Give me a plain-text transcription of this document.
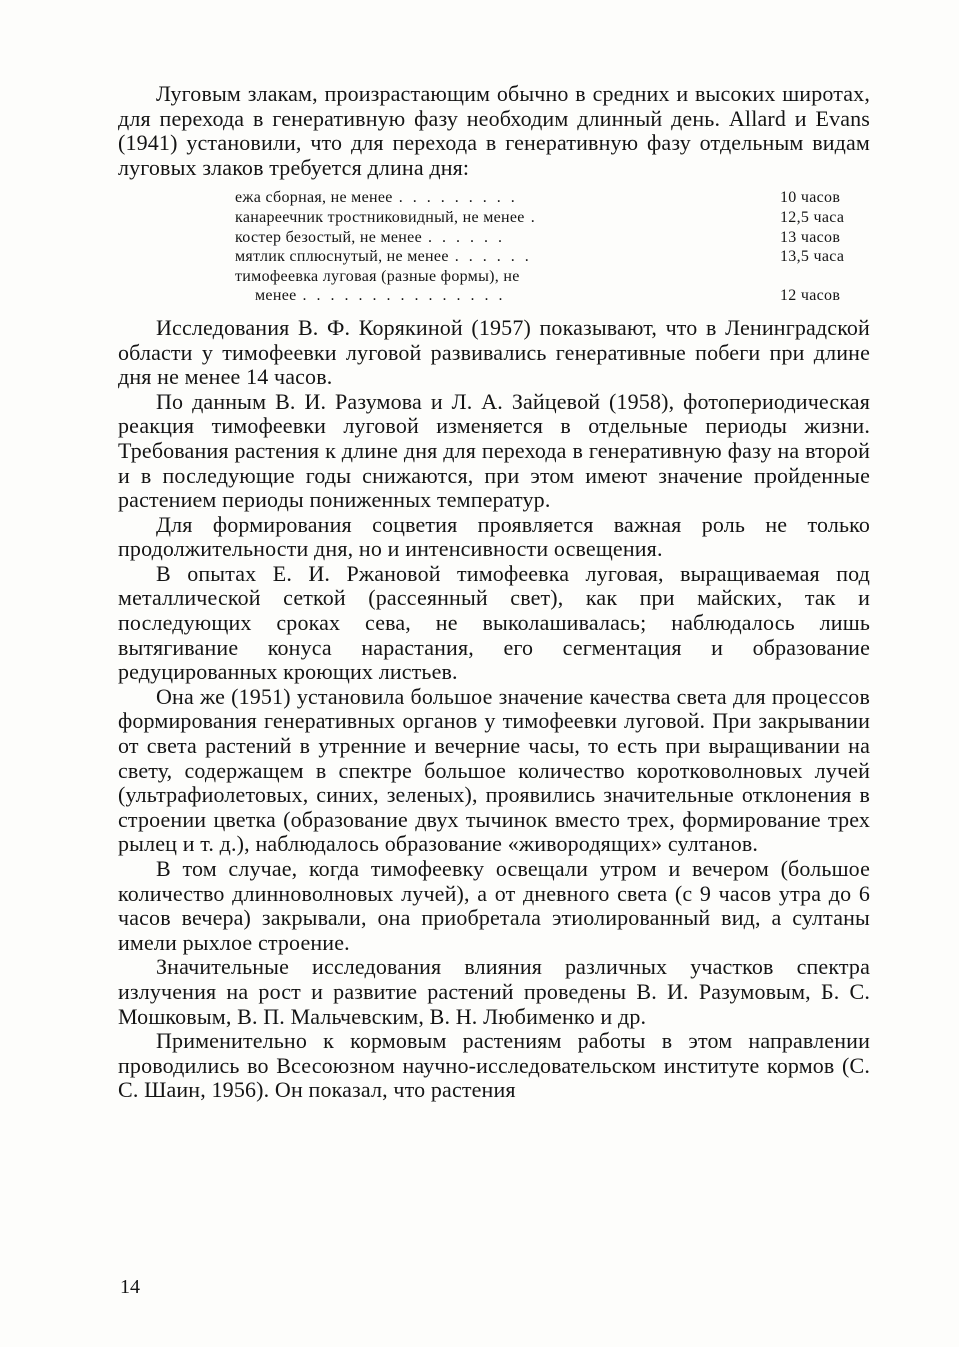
Луговым злакам, произрастающим обычно в средних и высоких широтах, для перехода в генеративную фазу необходим длинный день. Allard и Evans (1941) установили, что для перехода в генеративную фазу отдельным видам луговых злаков требуется длина дня:

ежа сборная, не менее . . . . . . . . .	10 часов
канареечник тростниковидный, не менее .	12,5 часа
костер безостый, не менее . . . . . .	13 часов
мятлик сплюснутый, не менее . . . . . .	13,5 часа
тимофеевка луговая (разные формы), не
менее . . . . . . . . . . . . . . .	12 часов

Исследования В. Ф. Корякиной (1957) показывают, что в Ленинградской области у тимофеевки луговой развивались генеративные побеги при длине дня не менее 14 часов.

По данным В. И. Разумова и Л. А. Зайцевой (1958), фотопериодическая реакция тимофеевки луговой изменяется в отдельные периоды жизни. Требования растения к длине дня для перехода в генеративную фазу на второй и в последующие годы снижаются, при этом имеют значение пройденные растением периоды пониженных температур.

Для формирования соцветия проявляется важная роль не только продолжительности дня, но и интенсивности освещения.

В опытах Е. И. Ржановой тимофеевка луговая, выращиваемая под металлической сеткой (рассеянный свет), как при майских, так и последующих сроках сева, не выколашивалась; наблюдалось лишь вытягивание конуса нарастания, его сегментация и образование редуцированных кроющих листьев.

Она же (1951) установила большое значение качества света для процессов формирования генеративных органов у тимофеевки луговой. При закрывании от света растений в утренние и вечерние часы, то есть при выращивании на свету, содержащем в спектре большое количество коротковолновых лучей (ультрафиолетовых, синих, зеленых), проявились значительные отклонения в строении цветка (образование двух тычинок вместо трех, формирование трех рылец и т. д.), наблюдалось образование «живородящих» султанов.

В том случае, когда тимофеевку освещали утром и вечером (большое количество длинноволновых лучей), а от дневного света (с 9 часов утра до 6 часов вечера) закрывали, она приобретала этиолированный вид, а султаны имели рыхлое строение.

Значительные исследования влияния различных участков спектра излучения на рост и развитие растений проведены В. И. Разумовым, Б. С. Мошковым, В. П. Мальчевским, В. Н. Любименко и др.

Применительно к кормовым растениям работы в этом направлении проводились во Всесоюзном научно-исследовательском институте кормов (С. С. Шаин, 1956). Он показал, что растения

14
